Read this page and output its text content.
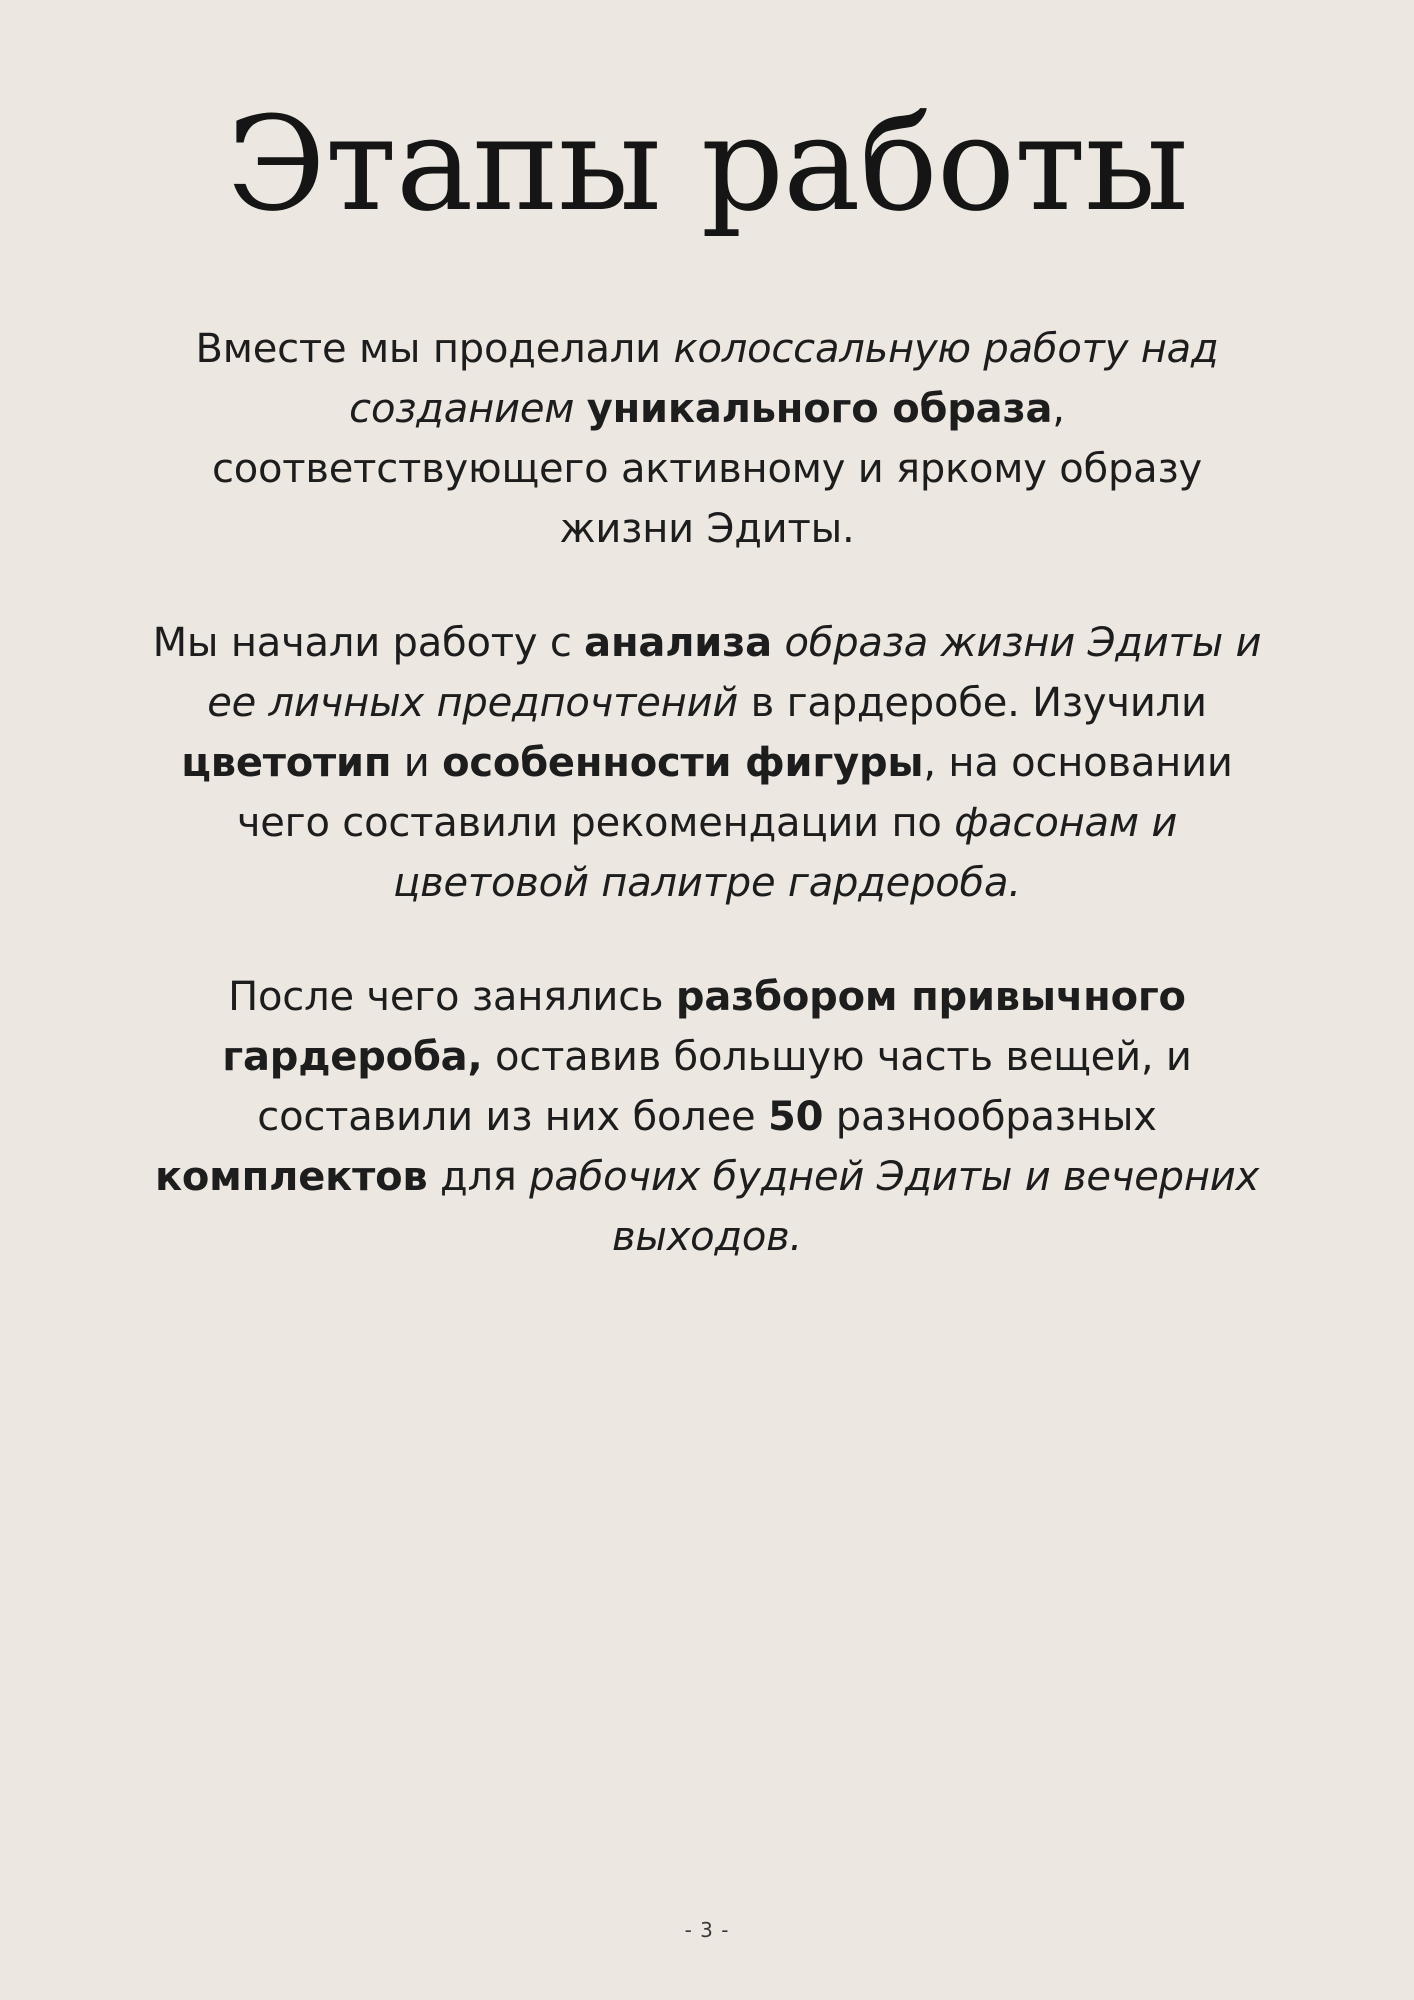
Этапы работы

Вместе мы проделали колоссальную работу над созданием уникального образа, соответствующего активному и яркому образу жизни Эдиты.

Мы начали работу с анализа образа жизни Эдиты и ее личных предпочтений в гардеробе. Изучили цветотип и особенности фигуры, на основании чего составили рекомендации по фасонам и цветовой палитре гардероба.

После чего занялись разбором привычного гардероба, оставив большую часть вещей, и составили из них более 50 разнообразных комплектов для рабочих будней Эдиты и вечерних выходов.

- 3 -
